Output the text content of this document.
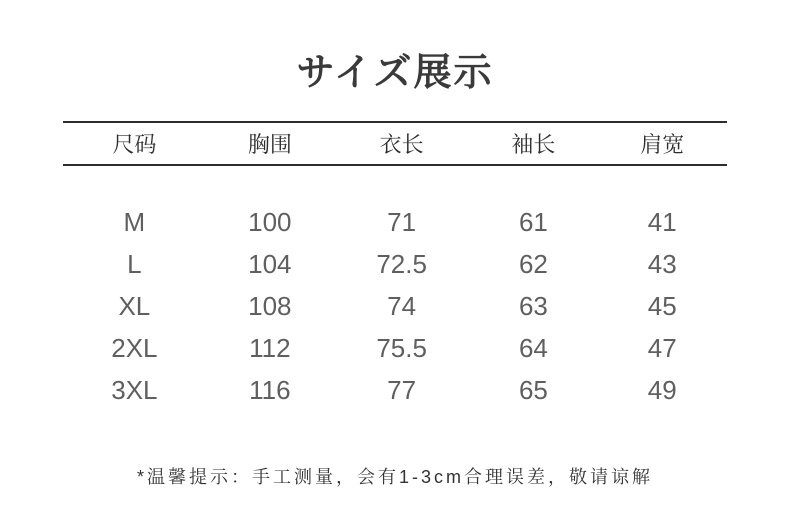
サイズ展示
尺码	胸围	衣长	袖长	肩宽
M	100	71	61	41
L	104	72.5	62	43
XL	108	74	63	45
2XL	112	75.5	64	47
3XL	116	77	65	49
*温馨提示：手工测量，会有1-3cm合理误差，敬请谅解
